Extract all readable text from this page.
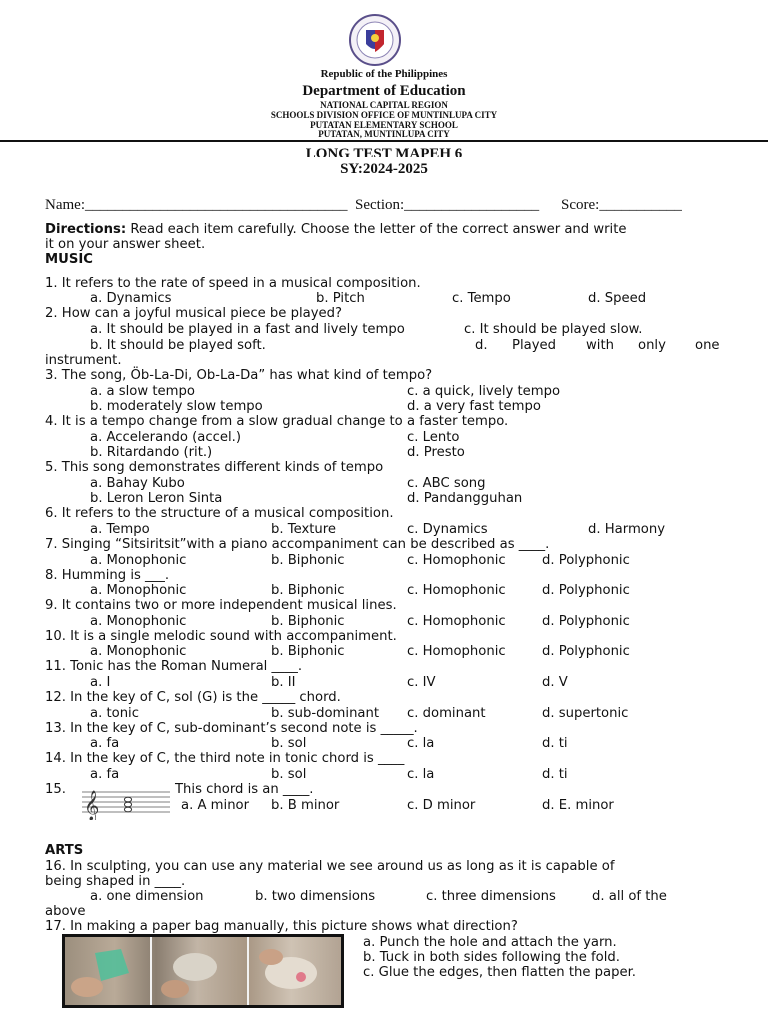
Republic of the Philippines
Department of Education
NATIONAL CAPITAL REGION
SCHOOLS DIVISION OFFICE OF MUNTINLUPA CITY
PUTATAN ELEMENTARY SCHOOL
PUTATAN, MUNTINLUPA CITY
LONG TEST MAPEH 6
SY:2024-2025
Name:___________________________________ Section:__________________ Score:___________
Directions: Read each item carefully. Choose the letter of the correct answer and write
it on your answer sheet.
MUSIC
1. It refers to the rate of speed in a musical composition.
a. Dynamics	b. Pitch	c. Tempo	d. Speed
2. How can a joyful musical piece be played?
a. It should be played in a fast and lively tempo	c. It should be played slow.
b. It should be played soft.	d. Played with only one
instrument.
3. The song, Öb-La-Di, Ob-La-Da” has what kind of tempo?
a. a slow tempo	c. a quick, lively tempo
b. moderately slow tempo	d. a very fast tempo
4. It is a tempo change from a slow gradual change to a faster tempo.
a. Accelerando (accel.)	c. Lento
b. Ritardando (rit.)	d. Presto
5. This song demonstrates different kinds of tempo
a. Bahay Kubo	c. ABC song
b. Leron Leron Sinta	d. Pandangguhan
6. It refers to the structure of a musical composition.
a. Tempo	b. Texture	c. Dynamics	d. Harmony
7. Singing “Sitsiritsit”with a piano accompaniment can be described as ____.
a. Monophonic	b. Biphonic	c. Homophonic	d. Polyphonic
8. Humming is ___.
a. Monophonic	b. Biphonic	c. Homophonic	d. Polyphonic
9. It contains two or more independent musical lines.
a. Monophonic	b. Biphonic	c. Homophonic	d. Polyphonic
10. It is a single melodic sound with accompaniment.
a. Monophonic	b. Biphonic	c. Homophonic	d. Polyphonic
11. Tonic has the Roman Numeral ____.
a. I	b. II	c. IV	d. V
12. In the key of C, sol (G) is the _____ chord.
a. tonic	b. sub-dominant c. dominant	d. supertonic
13. In the key of C, sub-dominant’s second note is _____.
a. fa	b. sol	c. la	d. ti
14. In the key of C, the third note in tonic chord is ____
a. fa	b. sol	c. la	d. ti
15.
𝄞
This chord is an ____.
a. A minor b. B minor	c. D minor	d. E. minor
ARTS
16. In sculpting, you can use any material we see around us as long as it is capable of
being shaped in ____.
a. one dimension	b. two dimensions	c. three dimensions	d. all of the
above
17. In making a paper bag manually, this picture shows what direction?
a. Punch the hole and attach the yarn.
b. Tuck in both sides following the fold.
c. Glue the edges, then flatten the paper.
